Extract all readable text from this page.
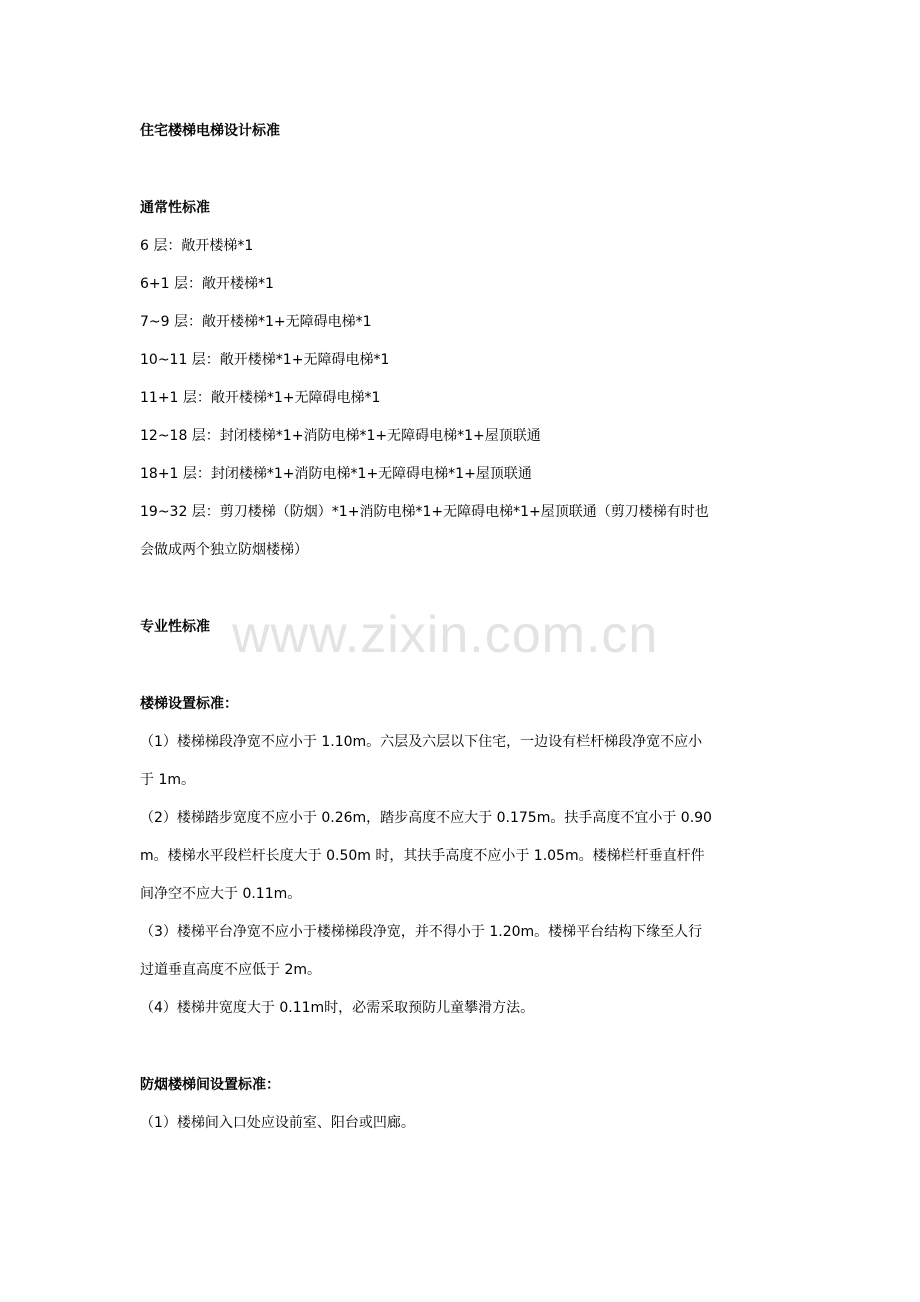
www.zixin.com.cn
住宅楼梯电梯设计标准
通常性标准
6 层：敞开楼梯*1
6+1 层：敞开楼梯*1
7~9 层：敞开楼梯*1+无障碍电梯*1
10~11 层：敞开楼梯*1+无障碍电梯*1
11+1 层：敞开楼梯*1+无障碍电梯*1
12~18 层：封闭楼梯*1+消防电梯*1+无障碍电梯*1+屋顶联通
18+1 层：封闭楼梯*1+消防电梯*1+无障碍电梯*1+屋顶联通
19~32 层：剪刀楼梯（防烟）*1+消防电梯*1+无障碍电梯*1+屋顶联通（剪刀楼梯有时也
会做成两个独立防烟楼梯）
专业性标准
楼梯设置标准：
（1）楼梯梯段净宽不应小于 1.10m。六层及六层以下住宅，一边设有栏杆梯段净宽不应小
于 1m。
（2）楼梯踏步宽度不应小于 0.26m，踏步高度不应大于 0.175m。扶手高度不宜小于 0.90
m。楼梯水平段栏杆长度大于 0.50m 时，其扶手高度不应小于 1.05m。楼梯栏杆垂直杆件
间净空不应大于 0.11m。
（3）楼梯平台净宽不应小于楼梯梯段净宽，并不得小于 1.20m。楼梯平台结构下缘至人行
过道垂直高度不应低于 2m。
（4）楼梯井宽度大于 0.11m时，必需采取预防儿童攀滑方法。
防烟楼梯间设置标准：
（1）楼梯间入口处应设前室、阳台或凹廊。
